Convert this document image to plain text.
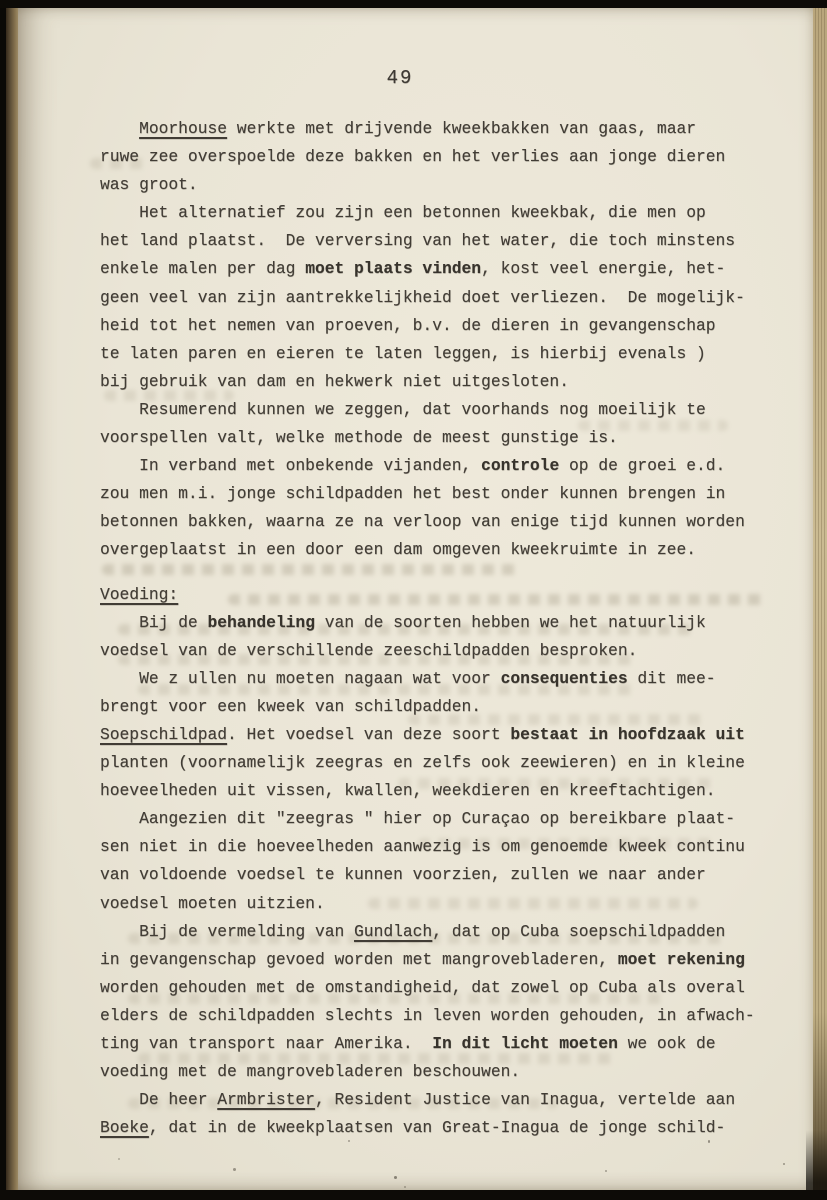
49
Moorhouse werkte met drijvende kweekbakken van gaas, maar
ruwe zee overspoelde deze bakken en het verlies aan jonge dieren
was groot.
Het alternatief zou zijn een betonnen kweekbak, die men op
het land plaatst.  De verversing van het water, die toch minstens
enkele malen per dag moet plaats vinden, kost veel energie, het-
geen veel van zijn aantrekkelijkheid doet verliezen.  De mogelijk-
heid tot het nemen van proeven, b.v. de dieren in gevangenschap
te laten paren en eieren te laten leggen, is hierbij evenals )
bij gebruik van dam en hekwerk niet uitgesloten.
Resumerend kunnen we zeggen, dat voorhands nog moeilijk te
voorspellen valt, welke methode de meest gunstige is.
In verband met onbekende vijanden, controle op de groei e.d.
zou men m.i. jonge schildpadden het best onder kunnen brengen in
betonnen bakken, waarna ze na verloop van enige tijd kunnen worden
overgeplaatst in een door een dam omgeven kweekruimte in zee.
Voeding:
Bij de behandeling van de soorten hebben we het natuurlijk
voedsel van de verschillende zeeschildpadden besproken.
We z ullen nu moeten nagaan wat voor consequenties dit mee-
brengt voor een kweek van schildpadden.
Soepschildpad. Het voedsel van deze soort bestaat in hoofdzaak uit
planten (voornamelijk zeegras en zelfs ook zeewieren) en in kleine
hoeveelheden uit vissen, kwallen, weekdieren en kreeftachtigen.
Aangezien dit "zeegras " hier op Curaçao op bereikbare plaat-
sen niet in die hoeveelheden aanwezig is om genoemde kweek continu
van voldoende voedsel te kunnen voorzien, zullen we naar ander
voedsel moeten uitzien.
Bij de vermelding van Gundlach, dat op Cuba soepschildpadden
in gevangenschap gevoed worden met mangrovebladeren, moet rekening
worden gehouden met de omstandigheid, dat zowel op Cuba als overal
elders de schildpadden slechts in leven worden gehouden, in afwach-
ting van transport naar Amerika.  In dit licht moeten we ook de
voeding met de mangrovebladeren beschouwen.
De heer Armbrister, Resident Justice van Inagua, vertelde aan
Boeke, dat in de kweekplaatsen van Great-Inagua de jonge schild-
